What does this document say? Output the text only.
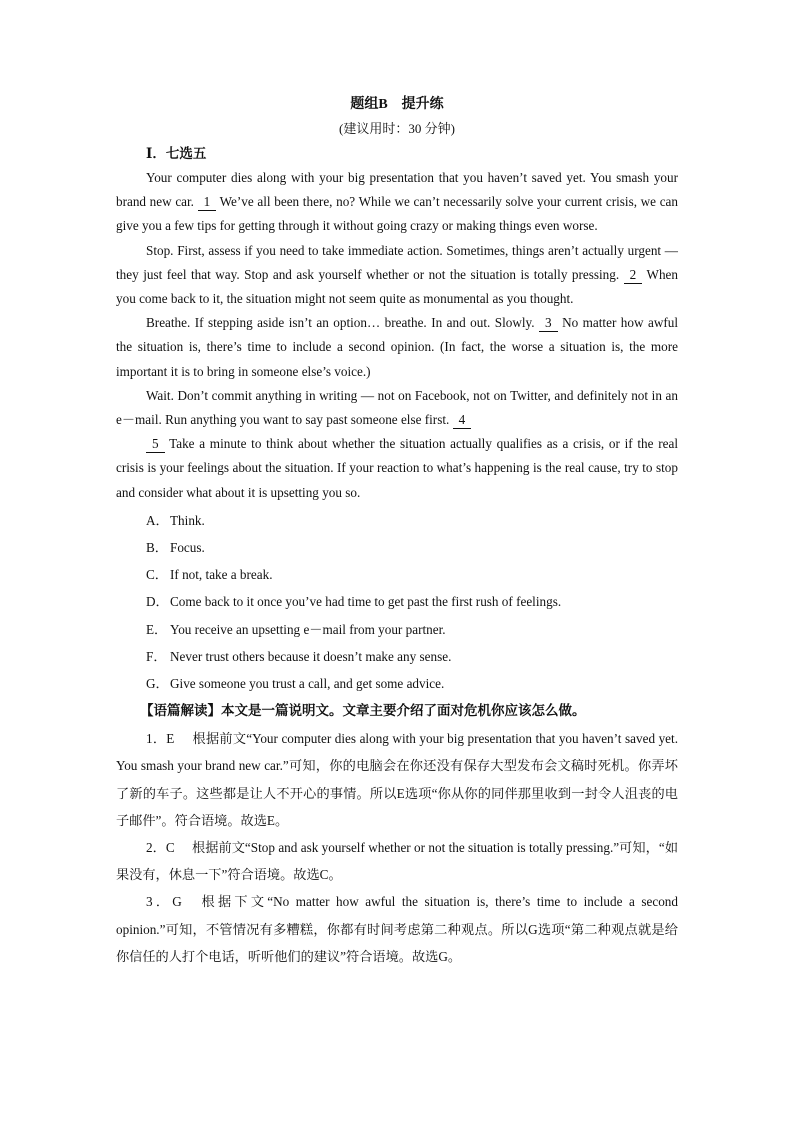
题组B　提升练
(建议用时：30 分钟)
Ⅰ．七选五

Your computer dies along with your big presentation that you haven’t saved yet. You smash your brand new car. 1 We’ve all been there, no? While we can’t necessarily solve your current crisis, we can give you a few tips for getting through it without going crazy or making things even worse.

Stop. First, assess if you need to take immediate action. Sometimes, things aren’t actually urgent — they just feel that way. Stop and ask yourself whether or not the situation is totally pressing. 2 When you come back to it, the situation might not seem quite as monumental as you thought.

Breathe. If stepping aside isn’t an option… breathe. In and out. Slowly. 3 No matter how awful the situation is, there’s time to include a second opinion. (In fact, the worse a situation is, the more important it is to bring in someone else’s voice.)

Wait. Don’t commit anything in writing — not on Facebook, not on Twitter, and definitely not in an e－mail. Run anything you want to say past someone else first. 4

5 Take a minute to think about whether the situation actually qualifies as a crisis, or if the real crisis is your feelings about the situation. If your reaction to what’s happening is the real cause, try to stop and consider what about it is upsetting you so.

A．Think.
B． Focus.
C． If not, take a break.
D．Come back to it once you’ve had time to get past the first rush of feelings.
E． You receive an upsetting e－mail from your partner.
F． Never trust others because it doesn’t make any sense.
G．Give someone you trust a call, and get some advice.
【语篇解读】本文是一篇说明文。文章主要介绍了面对危机你应该怎么做。

1．E 根据前文“Your computer dies along with your big presentation that you haven’t saved yet. You smash your brand new car.”可知，你的电脑会在你还没有保存大型发布会文稿时死机。你弄坏了新的车子。这些都是让人不开心的事情。所以E选项“你从你的同伴那里收到一封令人沮丧的电子邮件”。符合语境。故选E。

2．C 根据前文“Stop and ask yourself whether or not the situation is totally pressing.”可知，“如果没有，休息一下”符合语境。故选C。

3．G 根据下文“No matter how awful the situation is, there’s time to include a second opinion.”可知，不管情况有多糟糕，你都有时间考虑第二种观点。所以G选项“第二种观点就是给你信任的人打个电话，听听他们的建议”符合语境。故选G。
